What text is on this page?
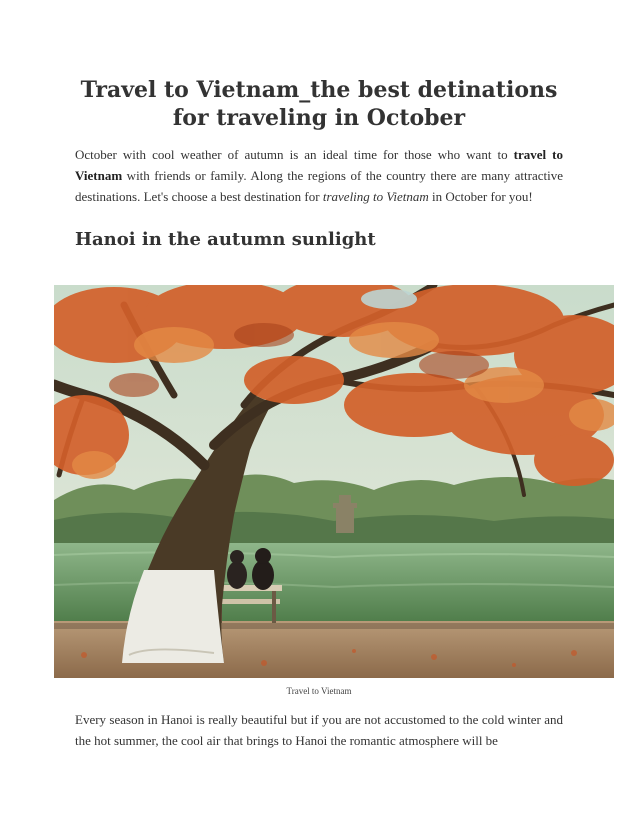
Travel to Vietnam_the best detinations for traveling in October

October with cool weather of autumn is an ideal time for those who want to travel to Vietnam with friends or family. Along the regions of the country there are many attractive destinations. Let's choose a best destination for traveling to Vietnam in October for you!

Hanoi in the autumn sunlight
Travel to Vietnam

Every season in Hanoi is really beautiful but if you are not accustomed to the cold winter and the hot summer, the cool air that brings to Hanoi the romantic atmosphere will be
